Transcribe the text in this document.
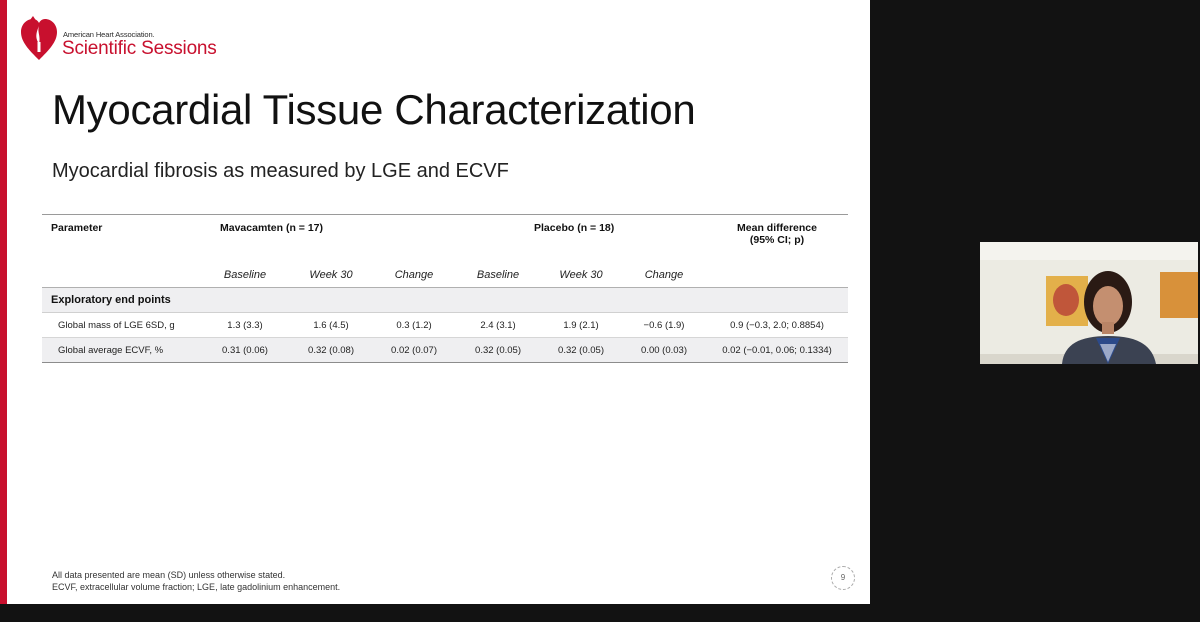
American Heart Association.
Scientific Sessions
Myocardial Tissue Characterization
Myocardial fibrosis as measured by LGE and ECVF
Parameter	Mavacamten (n = 17)			Placebo (n = 18)			Mean difference
(95% CI; p)

	Baseline	Week 30	Change	Baseline	Week 30	Change	
Exploratory end points							
Global mass of LGE 6SD, g	1.3 (3.3)	1.6 (4.5)	0.3 (1.2)	2.4 (3.1)	1.9 (2.1)	−0.6 (1.9)	0.9 (−0.3, 2.0; 0.8854)
Global average ECVF, %	0.31 (0.06)	0.32 (0.08)	0.02 (0.07)	0.32 (0.05)	0.32 (0.05)	0.00 (0.03)	0.02 (−0.01, 0.06; 0.1334)
All data presented are mean (SD) unless otherwise stated.
ECVF, extracellular volume fraction; LGE, late gadolinium enhancement.
9
